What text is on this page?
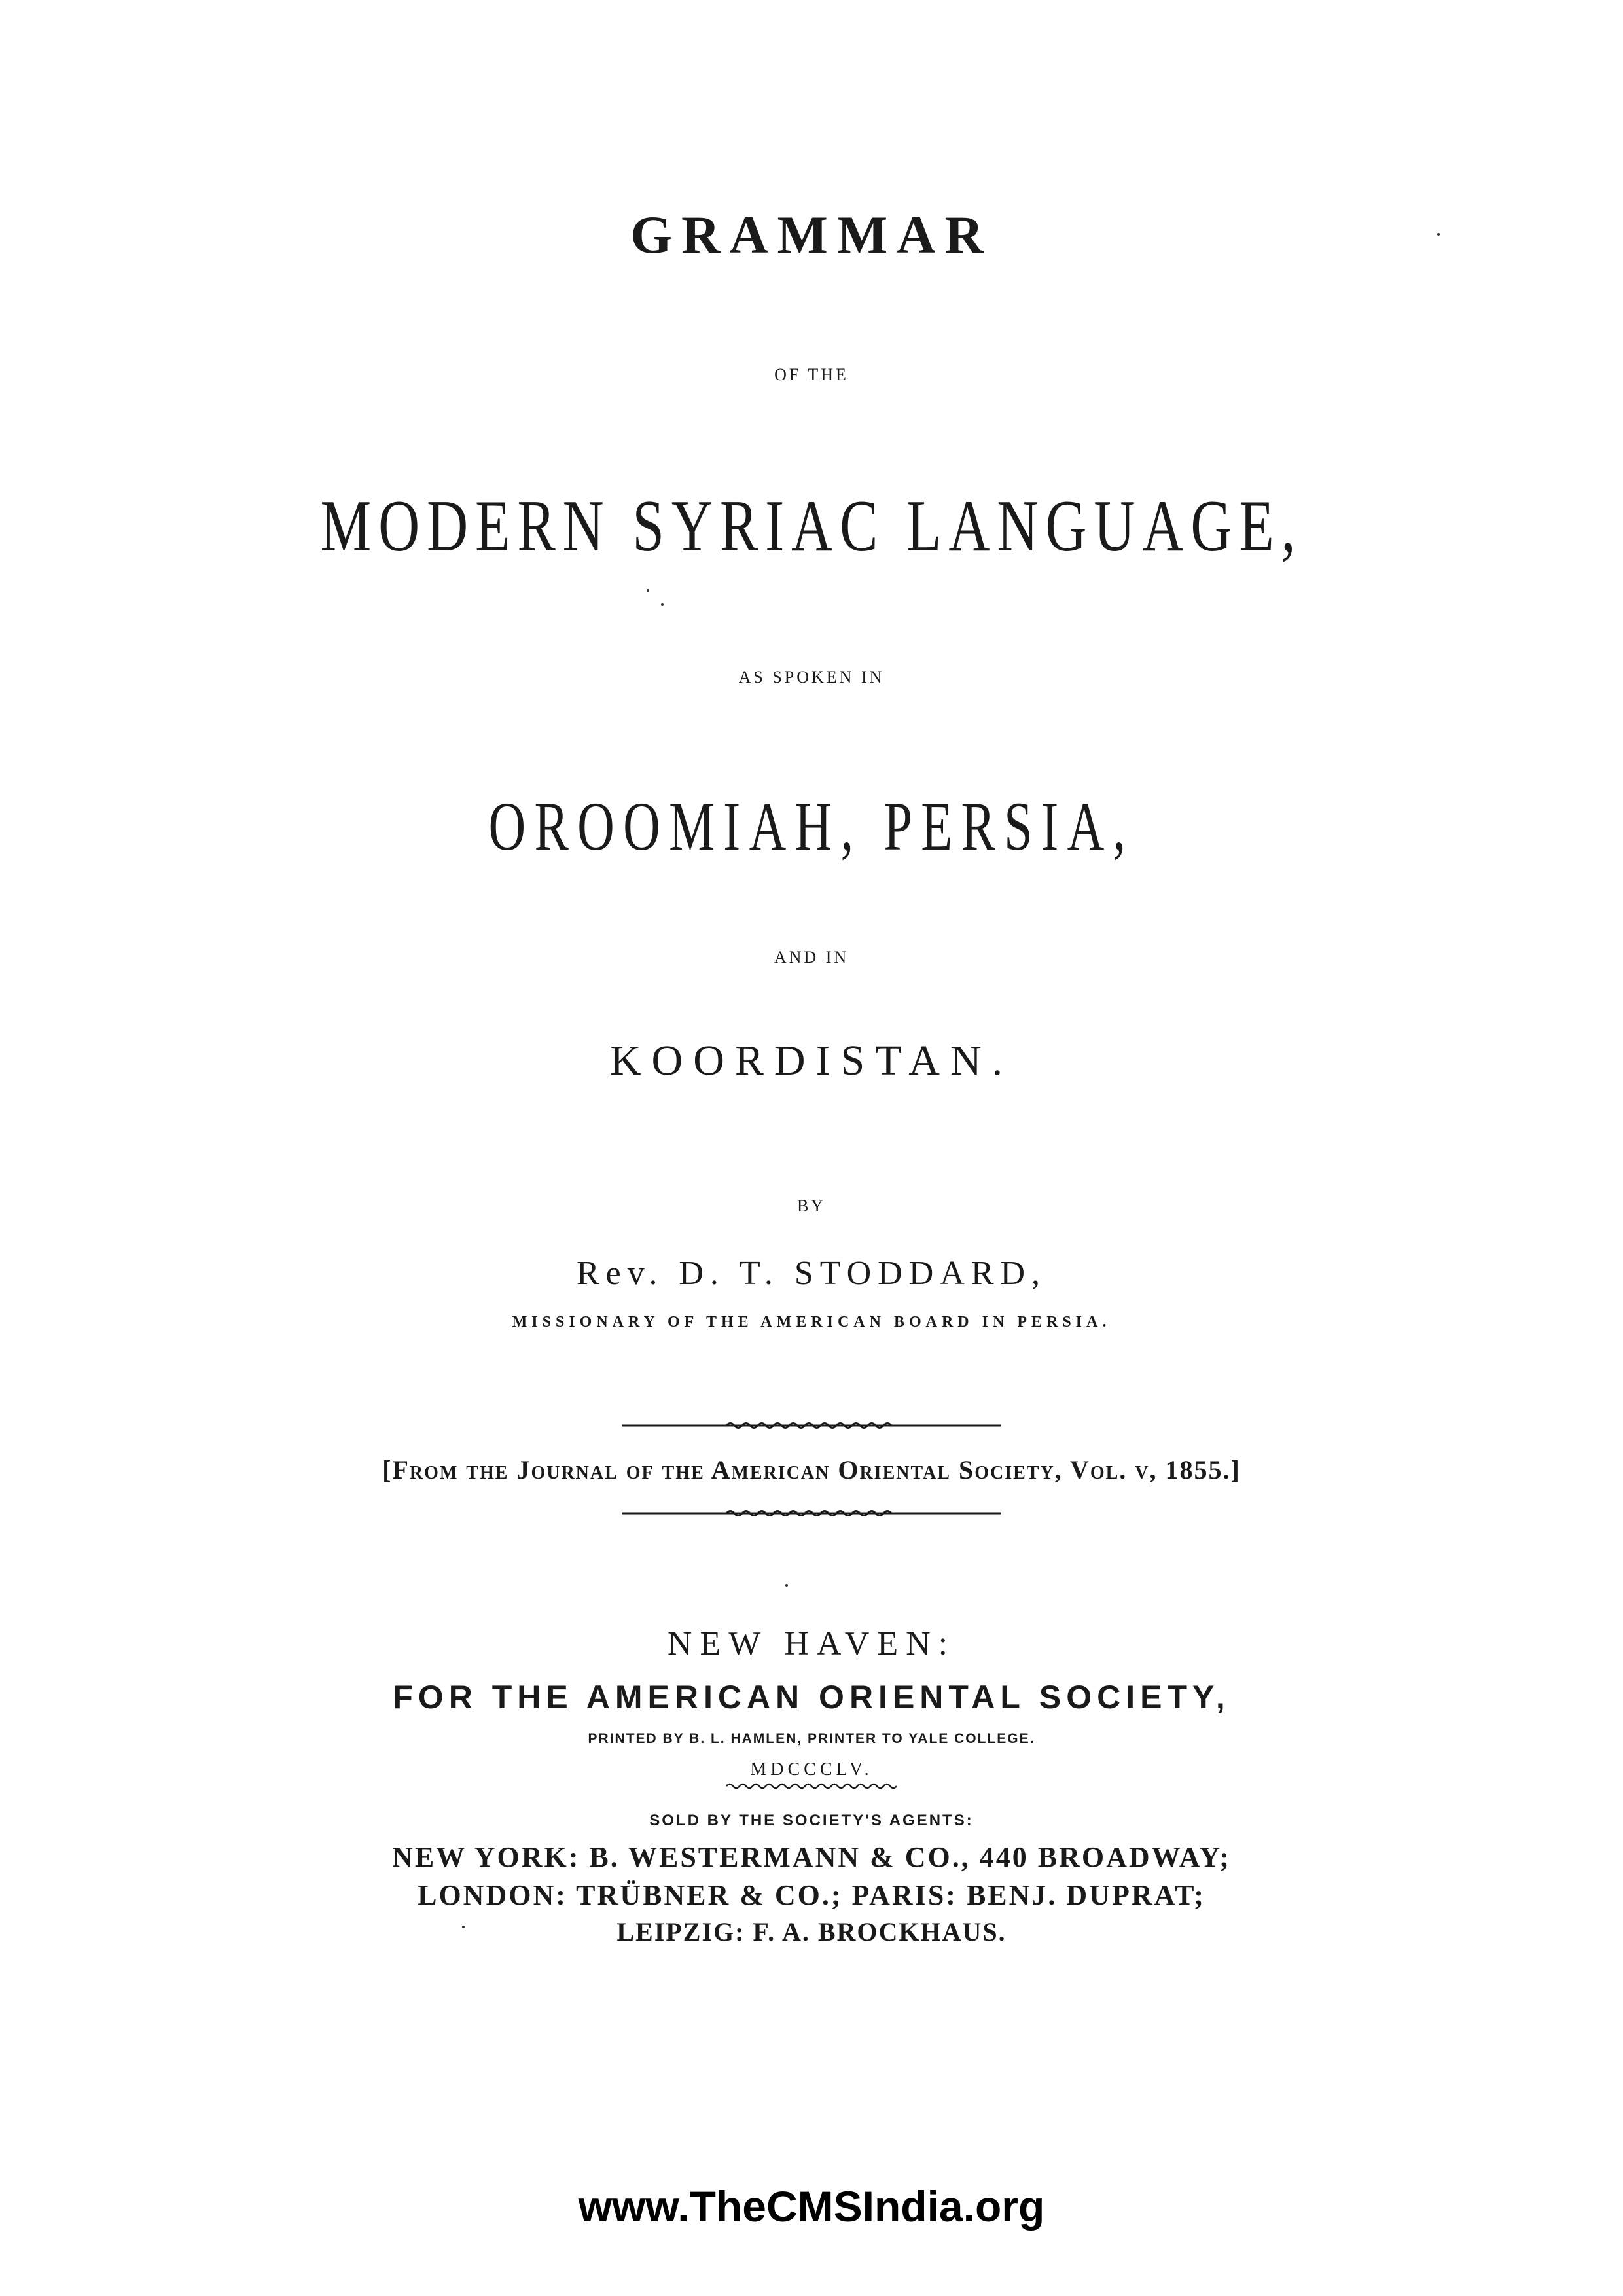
GRAMMAR
OF THE
MODERN SYRIAC LANGUAGE,
AS SPOKEN IN
OROOMIAH, PERSIA,
AND IN
KOORDISTAN.
BY
Rev. D. T. STODDARD,
MISSIONARY OF THE AMERICAN BOARD IN PERSIA.
[From the Journal of the American Oriental Society, Vol. v, 1855.]
NEW HAVEN:
FOR THE AMERICAN ORIENTAL SOCIETY,
PRINTED BY B. L. HAMLEN, PRINTER TO YALE COLLEGE.
MDCCCLV.
SOLD BY THE SOCIETY'S AGENTS:
NEW YORK: B. WESTERMANN & CO., 440 BROADWAY;
LONDON: TRÜBNER & CO.; PARIS: BENJ. DUPRAT;
LEIPZIG: F. A. BROCKHAUS.
www.TheCMSIndia.org
